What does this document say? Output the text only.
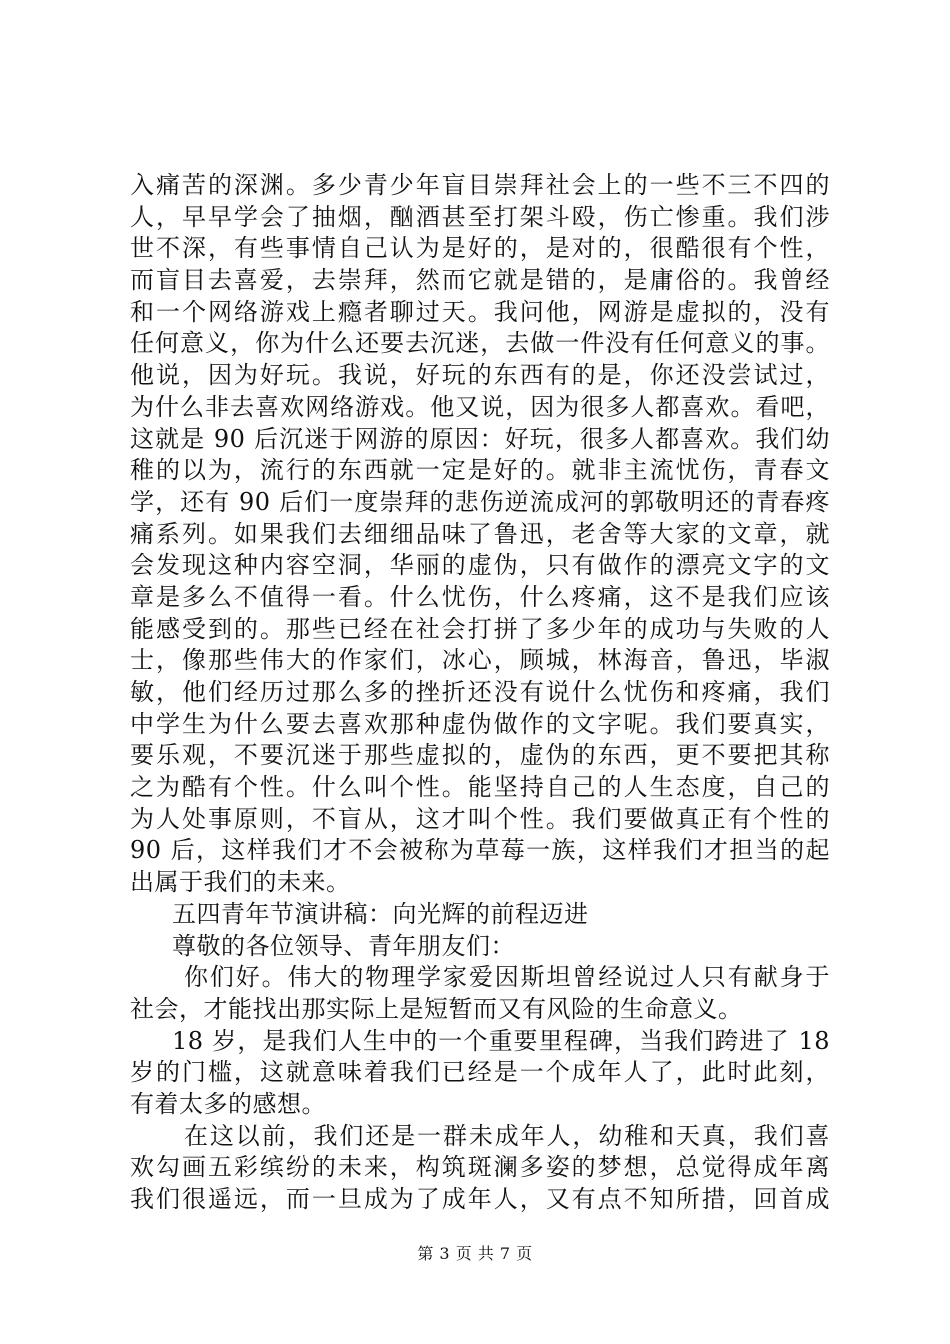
入痛苦的深渊。多少青少年盲目崇拜社会上的一些不三不四的
人，早早学会了抽烟，酗酒甚至打架斗殴，伤亡惨重。我们涉
世不深，有些事情自己认为是好的，是对的，很酷很有个性，
而盲目去喜爱，去崇拜，然而它就是错的，是庸俗的。我曾经
和一个网络游戏上瘾者聊过天。我问他，网游是虚拟的，没有
任何意义，你为什么还要去沉迷，去做一件没有任何意义的事。
他说，因为好玩。我说，好玩的东西有的是，你还没尝试过，
为什么非去喜欢网络游戏。他又说，因为很多人都喜欢。看吧，
这就是 90 后沉迷于网游的原因：好玩，很多人都喜欢。我们幼
稚的以为，流行的东西就一定是好的。就非主流忧伤，青春文
学，还有 90 后们一度崇拜的悲伤逆流成河的郭敬明还的青春疼
痛系列。如果我们去细细品味了鲁迅，老舍等大家的文章，就
会发现这种内容空洞，华丽的虚伪，只有做作的漂亮文字的文
章是多么不值得一看。什么忧伤，什么疼痛，这不是我们应该
能感受到的。那些已经在社会打拼了多少年的成功与失败的人
士，像那些伟大的作家们，冰心，顾城，林海音，鲁迅，毕淑
敏，他们经历过那么多的挫折还没有说什么忧伤和疼痛，我们
中学生为什么要去喜欢那种虚伪做作的文字呢。我们要真实，
要乐观，不要沉迷于那些虚拟的，虚伪的东西，更不要把其称
之为酷有个性。什么叫个性。能坚持自己的人生态度，自己的
为人处事原则，不盲从，这才叫个性。我们要做真正有个性的
90 后，这样我们才不会被称为草莓一族，这样我们才担当的起
出属于我们的未来。
五四青年节演讲稿：向光辉的前程迈进
尊敬的各位领导、青年朋友们：
你们好。伟大的物理学家爱因斯坦曾经说过人只有献身于
社会，才能找出那实际上是短暂而又有风险的生命意义。
18 岁，是我们人生中的一个重要里程碑，当我们跨进了 18
岁的门槛，这就意味着我们已经是一个成年人了，此时此刻，
有着太多的感想。
在这以前，我们还是一群未成年人，幼稚和天真，我们喜
欢勾画五彩缤纷的未来，构筑斑澜多姿的梦想，总觉得成年离
我们很遥远，而一旦成为了成年人，又有点不知所措，回首成
第 3 页 共 7 页
